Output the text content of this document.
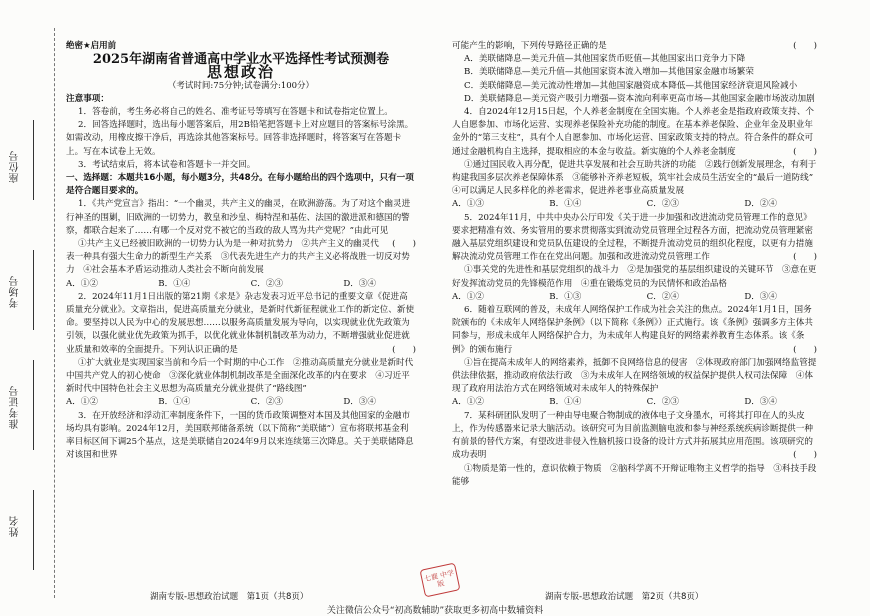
座位号
考场号
准考证号
姓名

绝密★启用前

2025年湖南省普通高中学业水平选择性考试预测卷

思想政治

（考试时间:75分钟;试卷满分:100分）

注意事项：

1．答卷前，考生务必将自己的姓名、准考证号等填写在答题卡和试卷指定位置上。

2．回答选择题时，选出每小题答案后，用2B铅笔把答题卡上对应题目的答案标号涂黑。如需改动，用橡皮擦干净后，再选涂其他答案标号。回答非选择题时，将答案写在答题卡上。写在本试卷上无效。

3．考试结束后，将本试卷和答题卡一并交回。

一、选择题：本题共16小题，每小题3分，共48分。在每小题给出的四个选项中，只有一项是符合题目要求的。

1．《共产党宣言》指出：“一个幽灵，共产主义的幽灵，在欧洲游荡。为了对这个幽灵进行神圣的围剿，旧欧洲的一切势力，教皇和沙皇、梅特涅和基佐、法国的激进派和德国的警察，都联合起来了……有哪一个反对党不被它的当政的敌人骂为共产党呢？”由此可见
(　　)

①共产主义已经被旧欧洲的一切势力认为是一种对抗势力　②共产主义的幽灵代表一种具有强大生命力的新型生产关系　③代表先进生产力的共产主义必将战胜一切反对势力　④社会基本矛盾运动推动人类社会不断向前发展

A．①②	B．①④	C．②③	D．③④

2．2024年11月1日出版的第21期《求是》杂志发表习近平总书记的重要文章《促进高质量充分就业》。文章指出，促进高质量充分就业，是新时代新征程就业工作的新定位、新使命。要坚持以人民为中心的发展思想……以服务高质量发展为导向，以实现就业优先政策为引领，以强化就业优先政策为抓手，以优化就业体制机制改革为动力，不断增强就业促进就业质量和效率的全面提升。下列认识正确的是	(　　)

①扩大就业是实现国家当前和今后一个时期的中心工作　②推动高质量充分就业是新时代中国共产党人的初心使命　③深化就业体制机制改革是全面深化改革的内在要求　④习近平新时代中国特色社会主义思想为高质量充分就业提供了“路线图”

A．①②	B．①④	C．②③	D．③④

3．在开放经济和浮动汇率制度条件下，一国的货币政策调整对本国及其他国家的金融市场均具有影响。2024年12月，美国联邦储备系统（以下简称“美联储”）宣布将联邦基金利率目标区间下调25个基点，这是美联储自2024年9月以来连续第三次降息。关于美联储降息对该国和世界

可能产生的影响，下列传导路径正确的是	(　　)

A．美联储降息—美元升值—其他国家货币贬值—其他国家出口竞争力下降

B．美联储降息—美元升值—其他国家资本流入增加—其他国家金融市场繁荣

C．美联储降息—美元流动性增加—其他国家融资成本降低—其他国家经济衰退风险减小

D．美联储降息—美元资产吸引力增强—资本流向利率更高市场—其他国家金融市场波动加剧

4．自2024年12月15日起，个人养老金制度在全国实施。个人养老金是指政府政策支持、个人自愿参加、市场化运营、实现养老保险补充功能的制度。在基本养老保险、企业年金及职业年金外的“第三支柱”，具有个人自愿参加、市场化运营、国家政策支持的特点。符合条件的群众可通过金融机构自主选择，提取相应的本金与收益。新实施的个人养老金制度	(　　)

①通过国民收入再分配，促进共享发展和社会互助共济的功能　②践行创新发展理念，有利于构建我国多层次养老保障体系　③能够补齐养老短板，筑牢社会成员生活安全的“最后一道防线”　④可以满足人民多样化的养老需求，促进养老事业高质量发展

A．①③	B．①④	C．②③	D．②④

5．2024年11月，中共中央办公厅印发《关于进一步加强和改进流动党员管理工作的意见》要求把精准有效、务实管用的要求贯彻落实到流动党员管理全过程各方面，把流动党员管理紧密融入基层党组织建设和党员队伍建设的全过程，不断提升流动党员的组织化程度，以更有力措施解决流动党员管理工作在在党出问题。加强和改进流动党员管理工作	(　　)

①事关党的先进性和基层党组织的战斗力　②是加强党的基层组织建设的关键环节　③意在更好发挥流动党员的先锋模范作用　④重在锻炼党员的为民情怀和政治品格

A．①②	B．①③	C．②④	D．③④

6．随着互联网的普及，未成年人网络保护工作成为社会关注的焦点。2024年1月1日，国务院颁布的《未成年人网络保护条例》（以下简称《条例》）正式施行。该《条例》强调多方主体共同参与，形成未成年人网络保护合力，为未成年人构建良好的网络素养教育生态体系。该《条例》的颁布施行	(　　)

①旨在提高未成年人的网络素养，抵御不良网络信息的侵害　②体现政府部门加强网络监管提供法律依据，推动政府依法行政　③为未成年人在网络领域的权益保护提供人权司法保障　④体现了政府用法治方式在网络领域对未成年人的特殊保护

A．①②	B．①④	C．②③	D．③④

7．某科研团队发明了一种由导电聚合物制成的液体电子文身墨水，可将其打印在人的头皮上，作为传感器来记录大脑活动。该研究可为目前监测脑电波和参与神经系统疾病诊断提供一种有前景的替代方案，有望改进非侵入性脑机接口设备的设计方式并拓展其应用范围。该项研究的成功表明	(　　)

①物质是第一性的，意识依赖于物质　②脑科学离不开辩证唯物主义哲学的指导　③科技手段能够

七鹿 中学版
湖南专版-思想政治试题　第1页（共8页）	湖南专版-思想政治试题　第2页（共8页）
关注微信公众号“初高数辅助”获取更多初高中数辅资料
